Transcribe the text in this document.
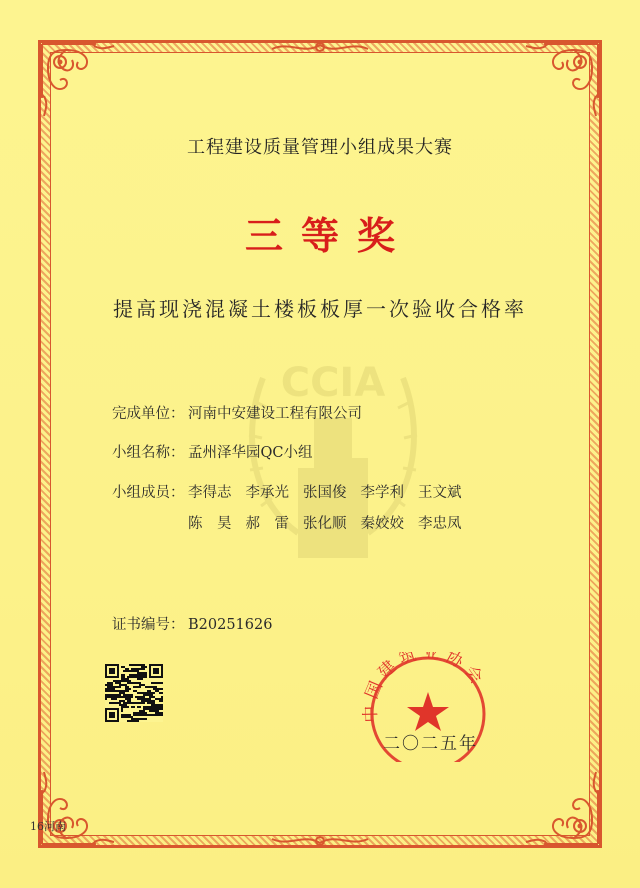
CCIA
工程建设质量管理小组成果大赛
三等奖
提高现浇混凝土楼板板厚一次验收合格率
完成单位： 河南中安建设工程有限公司
小组名称： 孟州泽华园QC小组
小组成员： 李得志 李承光 张国俊 李学利 王文斌
陈　昊 郝　雷 张化顺 秦姣姣 李忠凤
证书编号： B20251626
中国建筑业协会
二〇二五年
16河南
